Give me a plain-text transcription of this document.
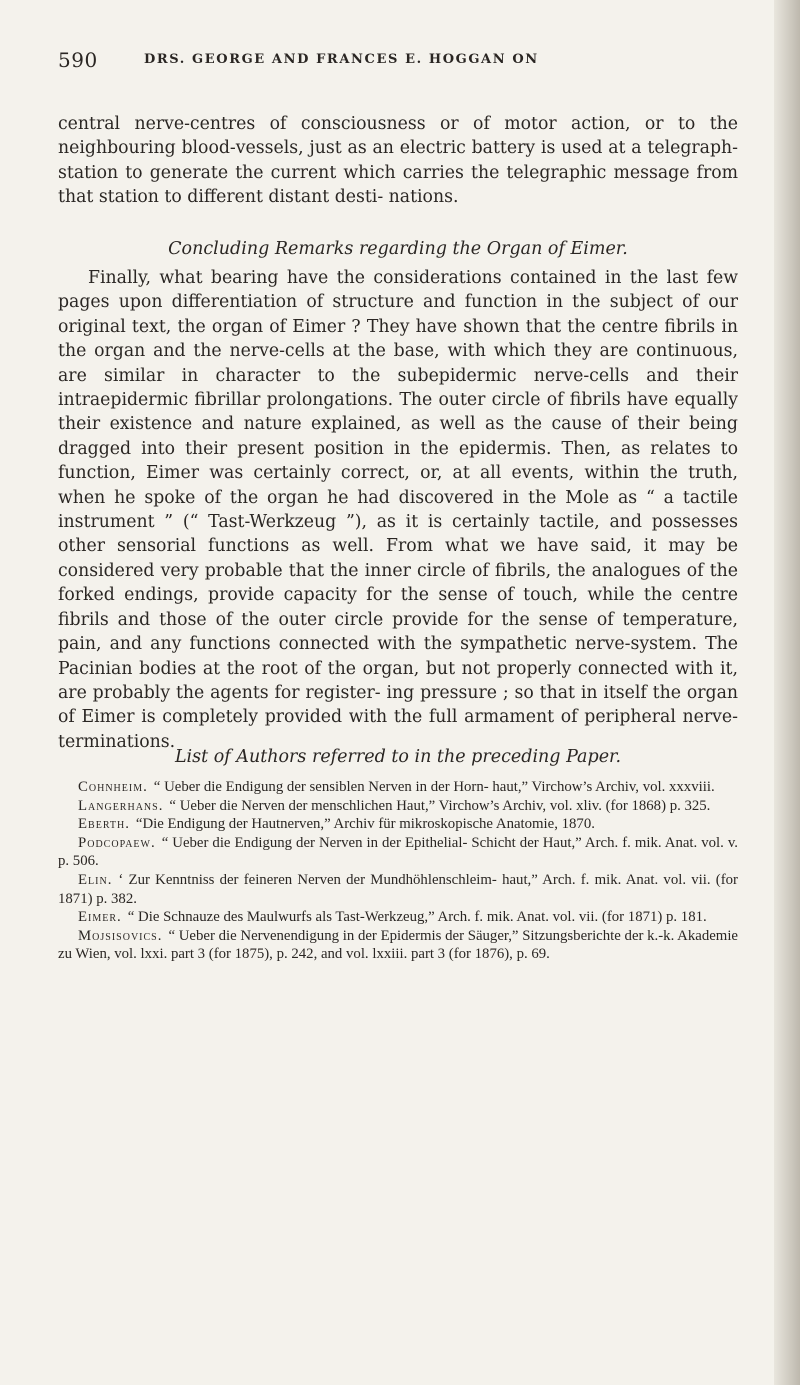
590	DRS. GEORGE AND FRANCES E. HOGGAN ON

central nerve-centres of consciousness or of motor action, or to the neighbouring blood-vessels, just as an electric battery is used at a telegraph-station to generate the current which carries the telegraphic message from that station to different distant desti- nations.

Concluding Remarks regarding the Organ of Eimer.

Finally, what bearing have the considerations contained in the last few pages upon differentiation of structure and function in the subject of our original text, the organ of Eimer ? They have shown that the centre fibrils in the organ and the nerve-cells at the base, with which they are continuous, are similar in character to the subepidermic nerve-cells and their intraepidermic fibrillar prolongations. The outer circle of fibrils have equally their existence and nature explained, as well as the cause of their being dragged into their present position in the epidermis. Then, as relates to function, Eimer was certainly correct, or, at all events, within the truth, when he spoke of the organ he had discovered in the Mole as “ a tactile instrument ” (“ Tast-Werkzeug ”), as it is certainly tactile, and possesses other sensorial functions as well. From what we have said, it may be considered very probable that the inner circle of fibrils, the analogues of the forked endings, provide capacity for the sense of touch, while the centre fibrils and those of the outer circle provide for the sense of temperature, pain, and any functions connected with the sympathetic nerve-system. The Pacinian bodies at the root of the organ, but not properly connected with it, are probably the agents for register- ing pressure ; so that in itself the organ of Eimer is completely provided with the full armament of peripheral nerve-terminations.

List of Authors referred to in the preceding Paper.

Cohnheim. “ Ueber die Endigung der sensiblen Nerven in der Horn- haut,” Virchow’s Archiv, vol. xxxviii.
Langerhans. “ Ueber die Nerven der menschlichen Haut,” Virchow’s Archiv, vol. xliv. (for 1868) p. 325.
Eberth. “Die Endigung der Hautnerven,” Archiv für mikroskopische Anatomie, 1870.
Podcopaew. “ Ueber die Endigung der Nerven in der Epithelial- Schicht der Haut,” Arch. f. mik. Anat. vol. v. p. 506.
Elin. ‘ Zur Kenntniss der feineren Nerven der Mundhöhlenschleim- haut,” Arch. f. mik. Anat. vol. vii. (for 1871) p. 382.
Eimer. “ Die Schnauze des Maulwurfs als Tast-Werkzeug,” Arch. f. mik. Anat. vol. vii. (for 1871) p. 181.
Mojsisovics. “ Ueber die Nervenendigung in der Epidermis der Säuger,” Sitzungsberichte der k.-k. Akademie zu Wien, vol. lxxi. part 3 (for 1875), p. 242, and vol. lxxiii. part 3 (for 1876), p. 69.
